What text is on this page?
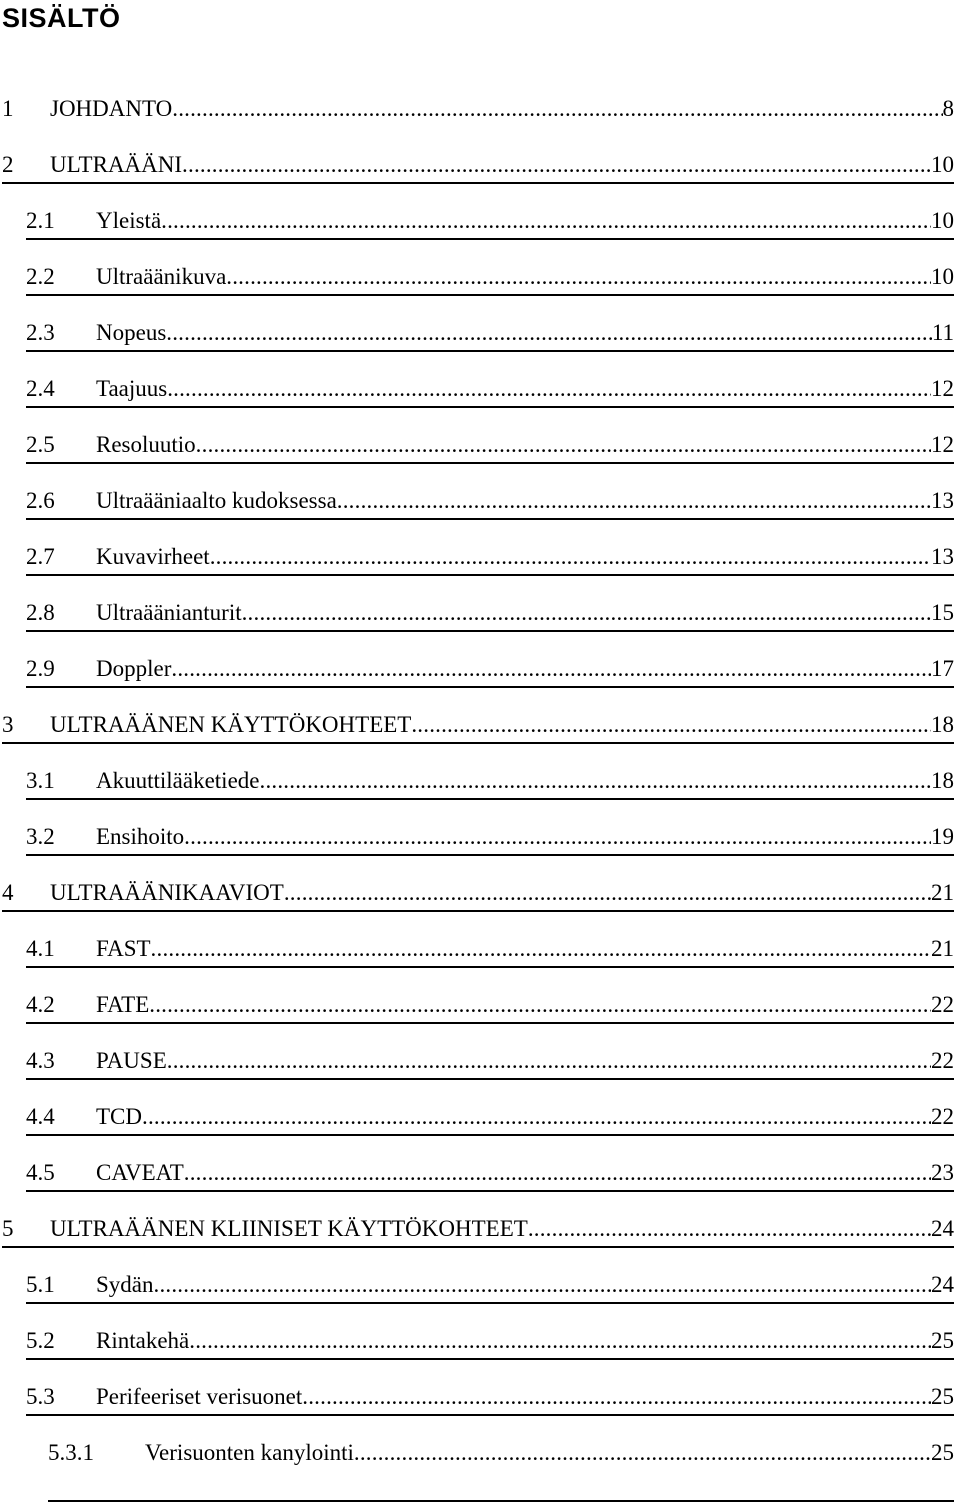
SISÄLTÖ
1	JOHDANTO .....	8
2	ULTRAÄÄNI .....	10
2.1	Yleistä .....	10
2.2	Ultraäänikuva .....	10
2.3	Nopeus .....	11
2.4	Taajuus .....	12
2.5	Resoluutio .....	12
2.6	Ultraääniaalto kudoksessa .....	13
2.7	Kuvavirheet .....	13
2.8	Ultraäänianturit .....	15
2.9	Doppler .....	17
3	ULTRAÄÄNEN KÄYTTÖKOHTEET .....	18
3.1	Akuuttilääketiede .....	18
3.2	Ensihoito .....	19
4	ULTRAÄÄNIKAAVIOT .....	21
4.1	FAST .....	21
4.2	FATE .....	22
4.3	PAUSE .....	22
4.4	TCD .....	22
4.5	CAVEAT .....	23
5	ULTRAÄÄNEN KLIINISET KÄYTTÖKOHTEET .....	24
5.1	Sydän .....	24
5.2	Rintakehä .....	25
5.3	Perifeeriset verisuonet .....	25
5.3.1	Verisuonten kanylointi .....	25
